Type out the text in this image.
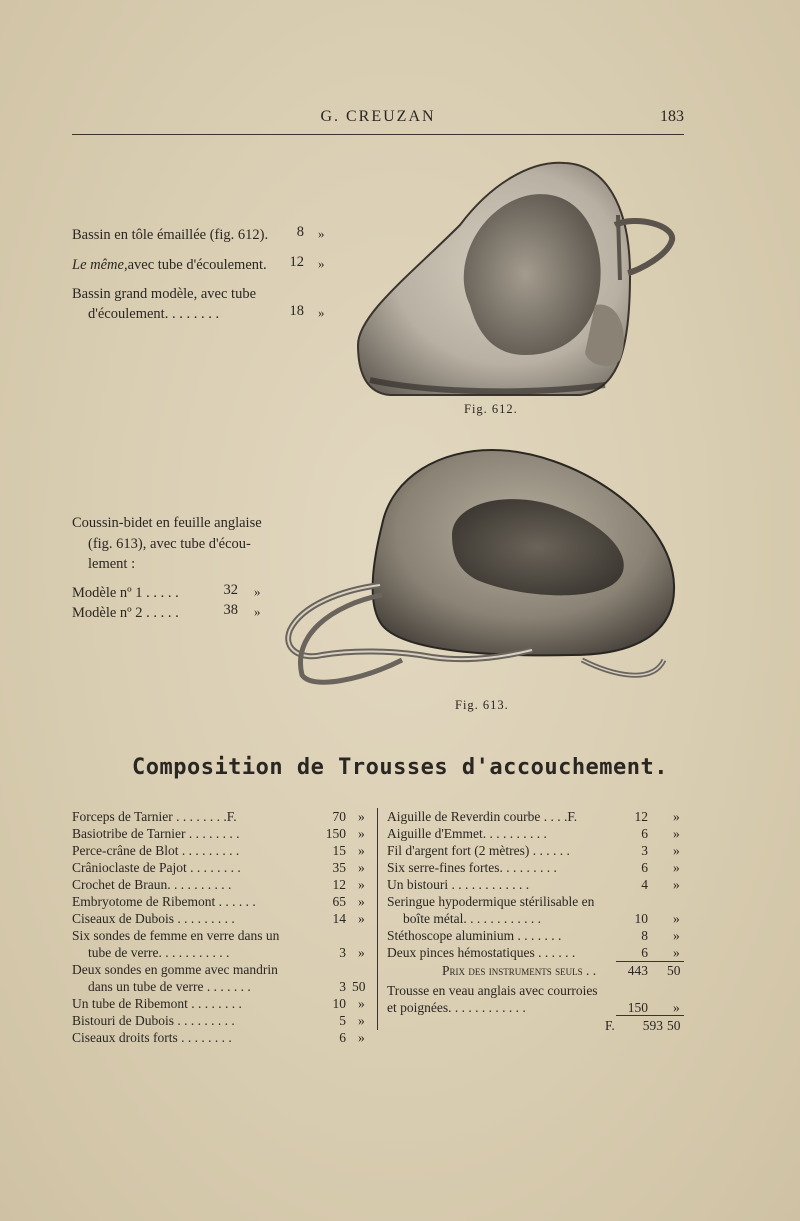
G. CREUZAN	183
Bassin en tôle émaillée (fig. 612).	8 »
Le même,avec tube d'écoulement.	12 »
Bassin grand modèle, avec tube
d'écoulement. . . . . . . .	18 »
Fig. 612.
Coussin-bidet en feuille anglaise
(fig. 613), avec tube d'écou-
lement :
Modèle nº 1 . . . . .	32 »
Modèle nº 2 . . . . .	38 »
Fig. 613.
Composition de Trousses d'accouchement.
Forceps de Tarnier . . . . . . . .F.	70 »
Basiotribe de Tarnier . . . . . . . .	150 »
Perce-crâne de Blot . . . . . . . . .	15 »
Crânioclaste de Pajot . . . . . . . .	35 »
Crochet de Braun. . . . . . . . . .	12 »
Embryotome de Ribemont . . . . . .	65 »
Ciseaux de Dubois . . . . . . . . .	14 »
Six sondes de femme en verre dans un
tube de verre. . . . . . . . . . .	3 »
Deux sondes en gomme avec mandrin
dans un tube de verre . . . . . . .	3 50
Un tube de Ribemont . . . . . . . .	10 »
Bistouri de Dubois . . . . . . . . .	5 »
Ciseaux droits forts . . . . . . . .	6 »
Aiguille de Reverdin courbe . . . .F.	12 »
Aiguille d'Emmet. . . . . . . . . .	6 »
Fil d'argent fort (2 mètres) . . . . . .	3 »
Six serre-fines fortes. . . . . . . . .	6 »
Un bistouri . . . . . . . . . . . .	4 »
Seringue hypodermique stérilisable en
boîte métal. . . . . . . . . . . .	10 »
Stéthoscope aluminium . . . . . . .	8 »
Deux pinces hémostatiques . . . . . .	6 »
Prix des instruments seuls . .	443 50
Trousse en veau anglais avec courroies
et poignées. . . . . . . . . . . .	150 »
F.	593 50
